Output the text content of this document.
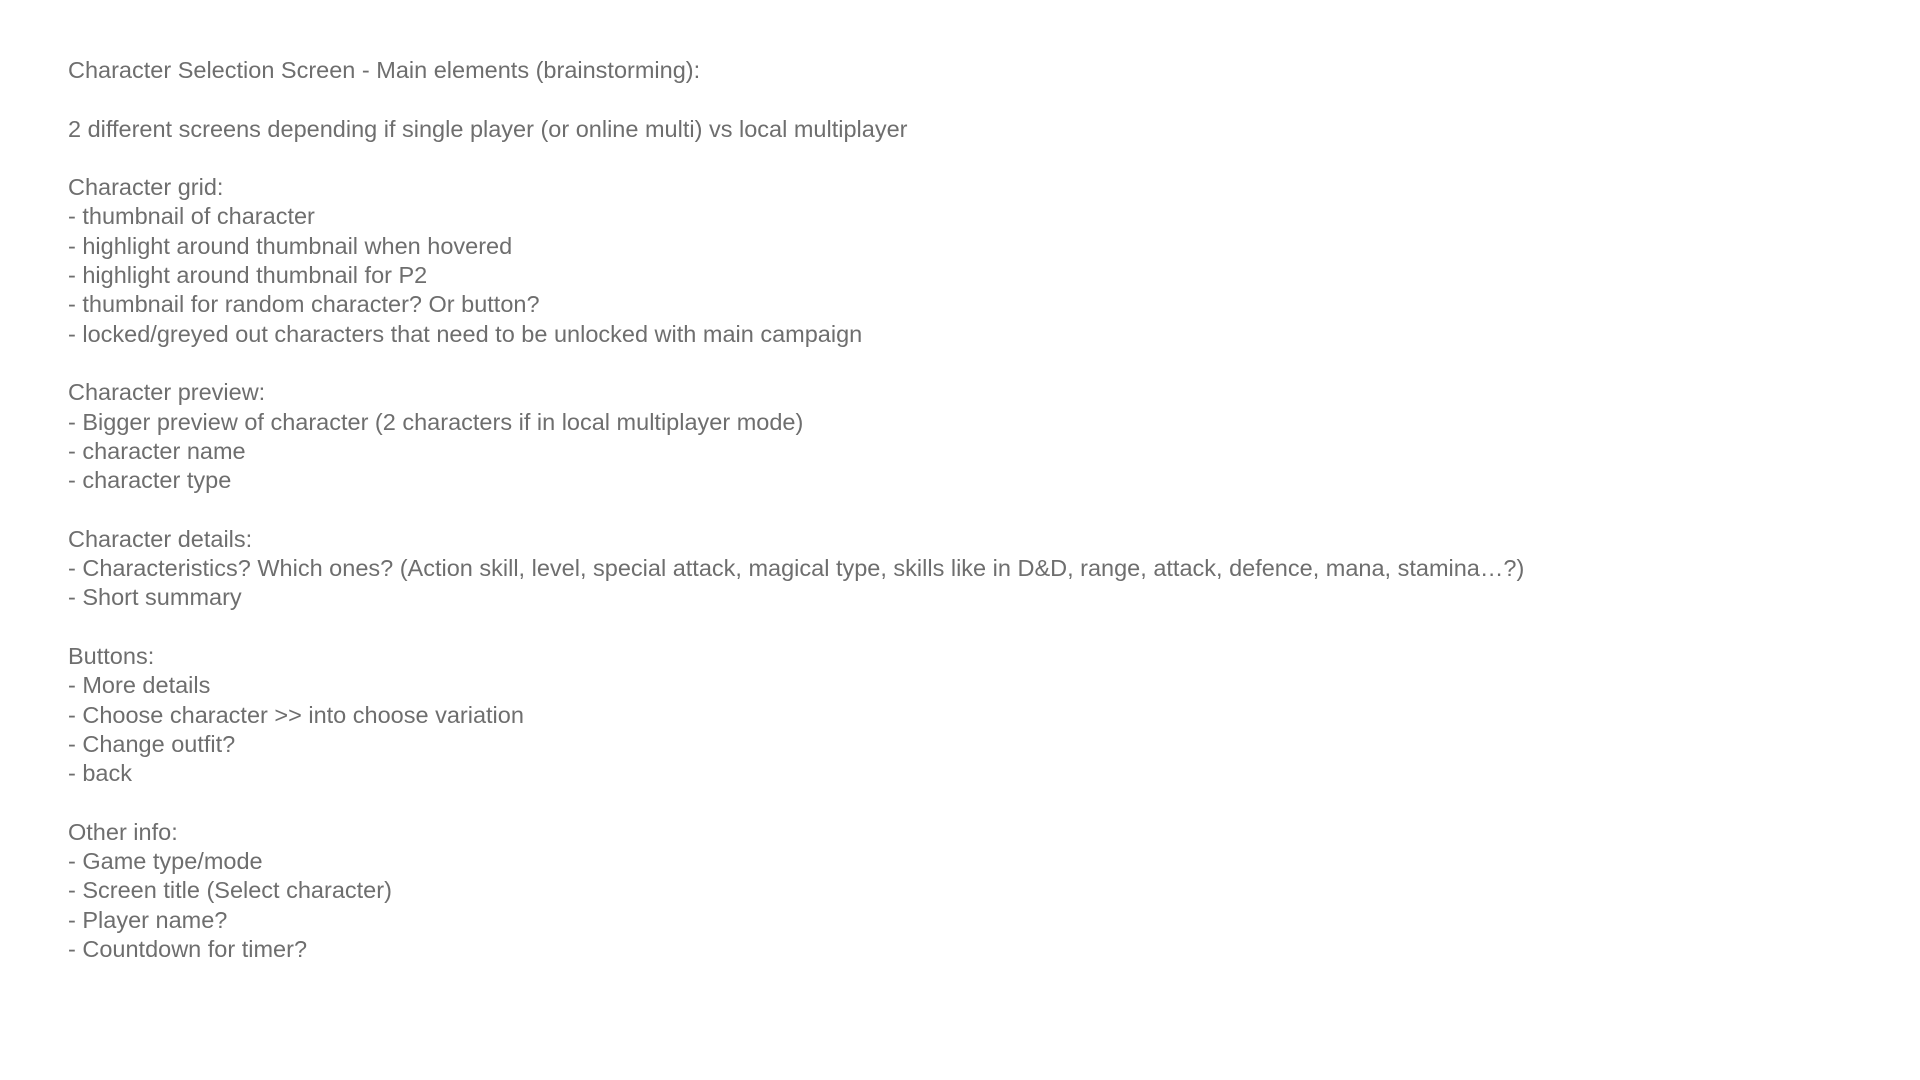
Character Selection Screen - Main elements (brainstorming):
2 different screens depending if single player (or online multi) vs local multiplayer
Character grid:
- thumbnail of character
- highlight around thumbnail when hovered
- highlight around thumbnail for P2
- thumbnail for random character? Or button?
- locked/greyed out characters that need to be unlocked with main campaign
Character preview:
- Bigger preview of character (2 characters if in local multiplayer mode)
- character name
- character type
Character details:
- Characteristics? Which ones? (Action skill, level, special attack, magical type, skills like in D&D, range, attack, defence, mana, stamina…?)
- Short summary
Buttons:
- More details
- Choose character >> into choose variation
- Change outfit?
- back
Other info:
- Game type/mode
- Screen title (Select character)
- Player name?
- Countdown for timer?
